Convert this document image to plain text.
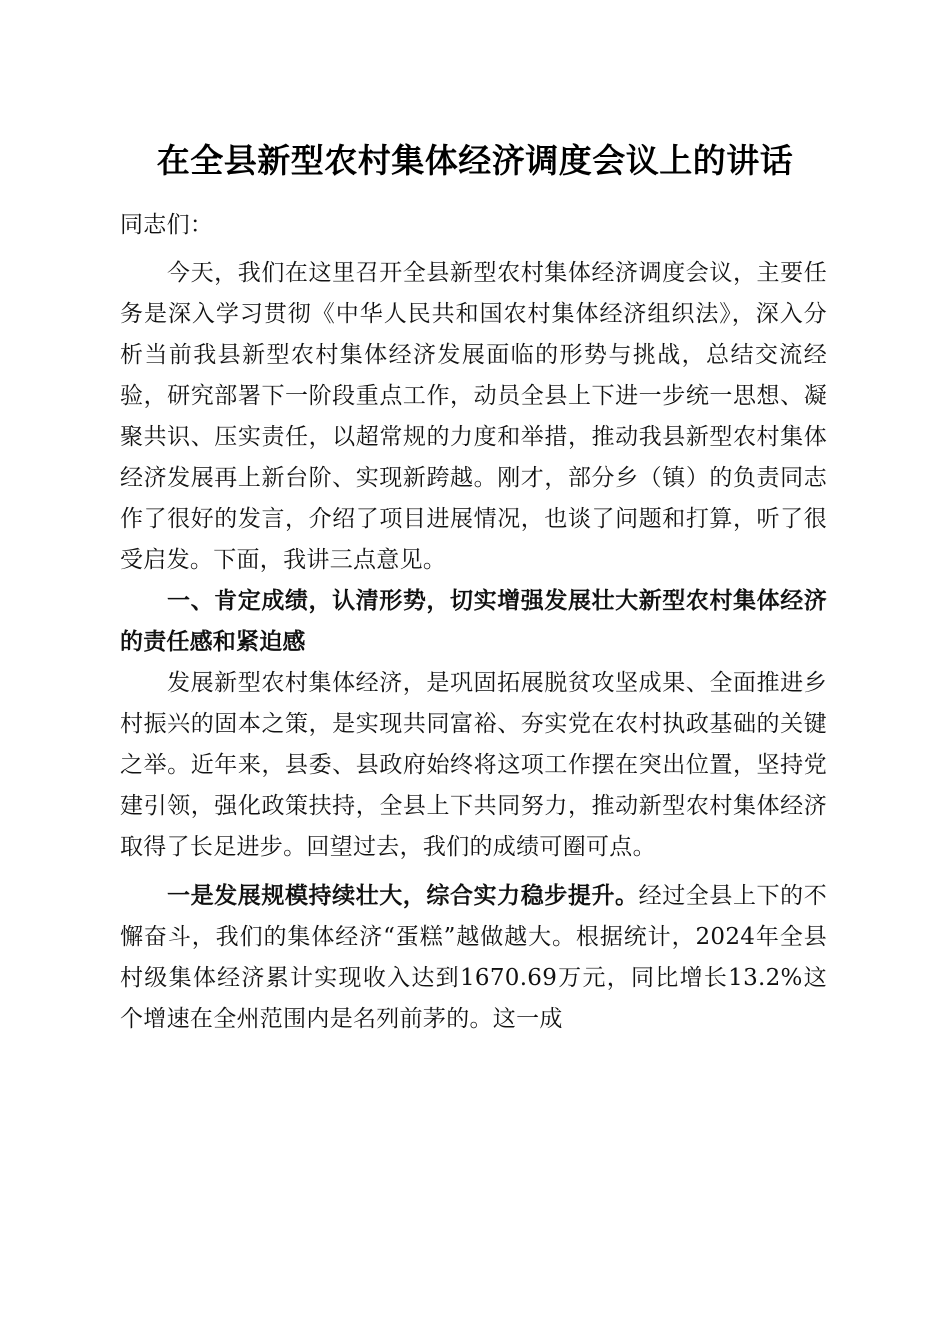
在全县新型农村集体经济调度会议上的讲话

同志们：

今天，我们在这里召开全县新型农村集体经济调度会议，主要任务是深入学习贯彻《中华人民共和国农村集体经济组织法》，深入分析当前我县新型农村集体经济发展面临的形势与挑战，总结交流经验，研究部署下一阶段重点工作，动员全县上下进一步统一思想、凝聚共识、压实责任，以超常规的力度和举措，推动我县新型农村集体经济发展再上新台阶、实现新跨越。刚才，部分乡（镇）的负责同志作了很好的发言，介绍了项目进展情况，也谈了问题和打算，听了很受启发。下面，我讲三点意见。

一、肯定成绩，认清形势，切实增强发展壮大新型农村集体经济的责任感和紧迫感

发展新型农村集体经济，是巩固拓展脱贫攻坚成果、全面推进乡村振兴的固本之策，是实现共同富裕、夯实党在农村执政基础的关键之举。近年来，县委、县政府始终将这项工作摆在突出位置，坚持党建引领，强化政策扶持，全县上下共同努力，推动新型农村集体经济取得了长足进步。回望过去，我们的成绩可圈可点。

一是发展规模持续壮大，综合实力稳步提升。经过全县上下的不懈奋斗，我们的集体经济“蛋糕”越做越大。根据统计，2024年全县村级集体经济累计实现收入达到1670.69万元，同比增长13.2%这个增速在全州范围内是名列前茅的。这一成
